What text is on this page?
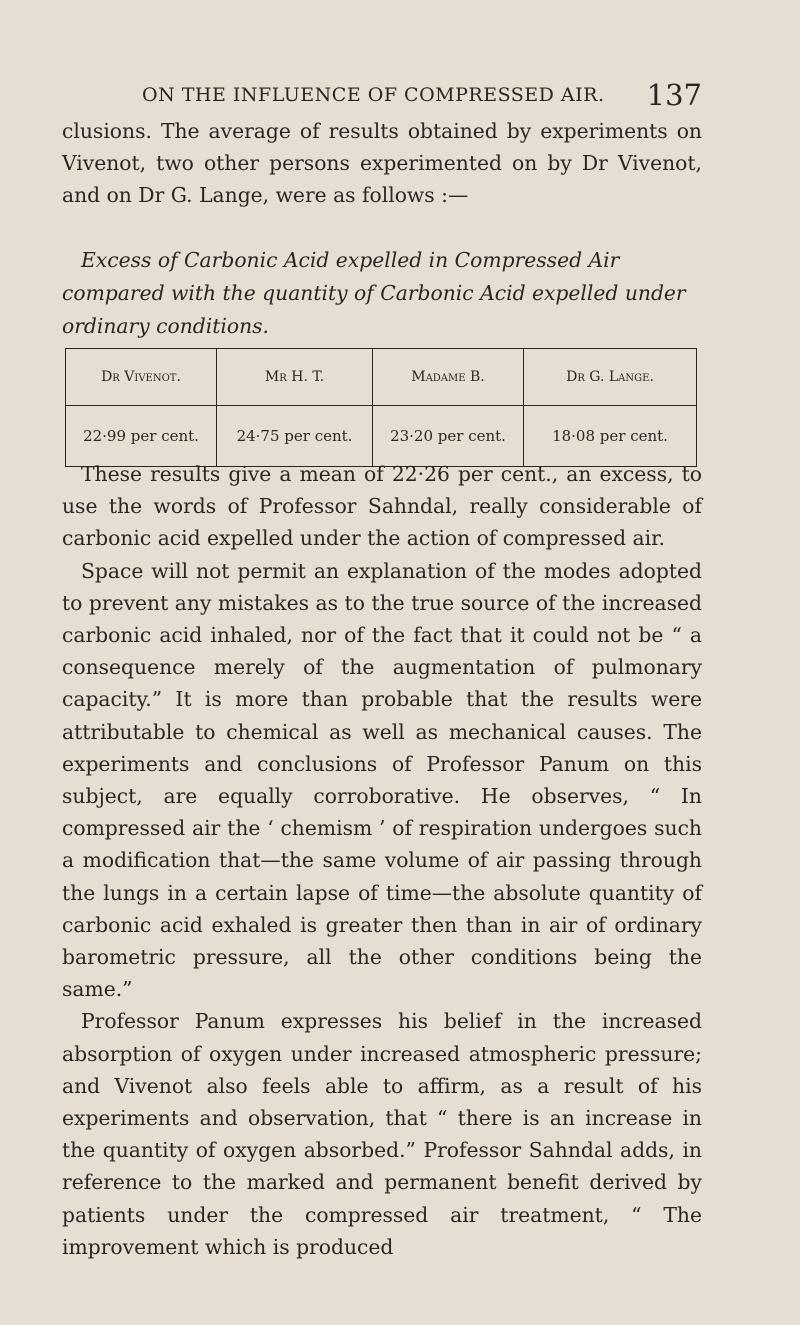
ON THE INFLUENCE OF COMPRESSED AIR. 137

clusions. The average of results obtained by experiments on Vivenot, two other persons experimented on by Dr Vivenot, and on Dr G. Lange, were as follows :—

Excess of Carbonic Acid expelled in Compressed Air compared with the quantity of Carbonic Acid expelled under ordinary conditions.

Dr Vivenot.	Mr H. T.	Madame B.	Dr G. Lange.
22·99 per cent.	24·75 per cent.	23·20 per cent.	18·08 per cent.

These results give a mean of 22·26 per cent., an excess, to use the words of Professor Sahndal, really considerable of carbonic acid expelled under the action of compressed air.

Space will not permit an explanation of the modes adopted to prevent any mistakes as to the true source of the increased carbonic acid inhaled, nor of the fact that it could not be “ a consequence merely of the augmentation of pulmonary capacity.” It is more than probable that the results were attributable to chemical as well as mechanical causes. The experiments and conclusions of Professor Panum on this subject, are equally corroborative. He observes, “ In compressed air the ‘ chemism ’ of respiration undergoes such a modification that—the same volume of air passing through the lungs in a certain lapse of time—the absolute quantity of carbonic acid exhaled is greater then than in air of ordinary barometric pressure, all the other conditions being the same.”

Professor Panum expresses his belief in the increased absorption of oxygen under increased atmospheric pressure; and Vivenot also feels able to affirm, as a result of his experiments and observation, that “ there is an increase in the quantity of oxygen absorbed.” Professor Sahndal adds, in reference to the marked and permanent benefit derived by patients under the compressed air treatment, “ The improvement which is produced
